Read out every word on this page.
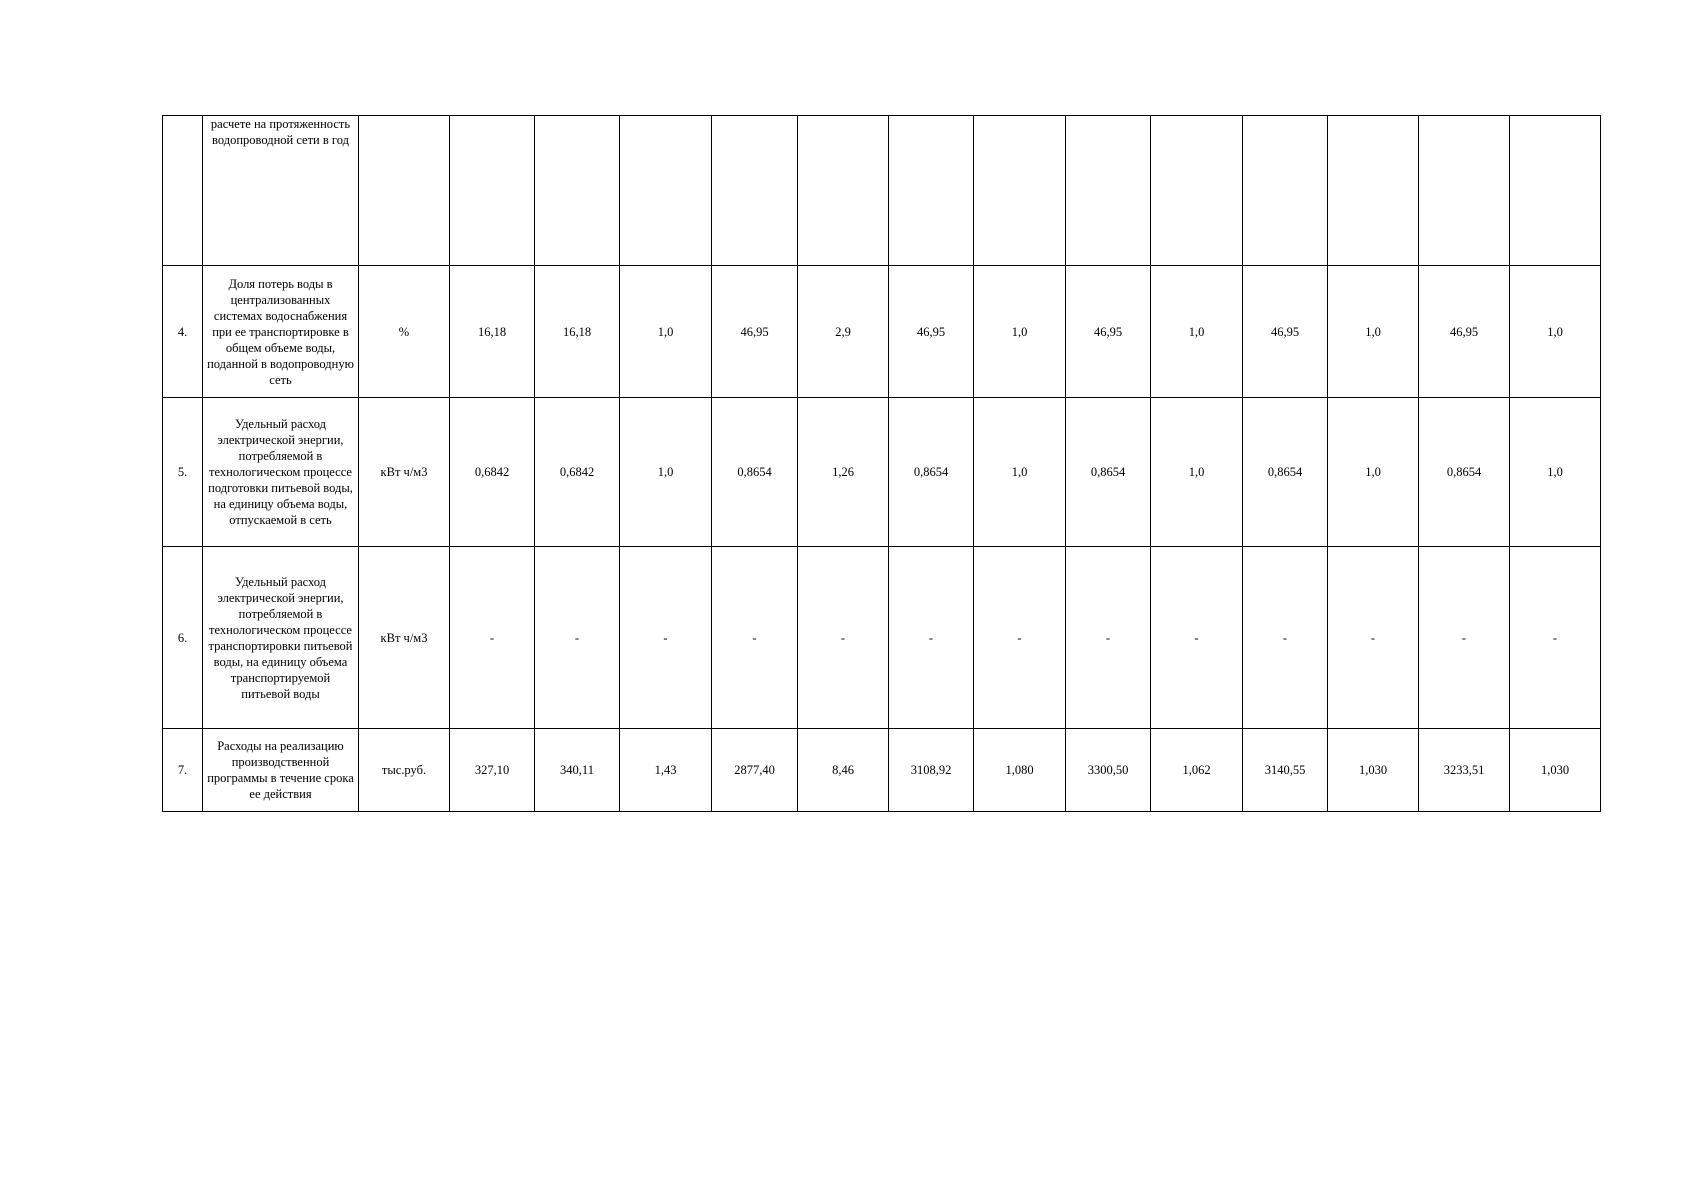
	расчете на протяженность водопроводной сети в год														

4.	Доля потерь воды в централизованных системах водоснабжения при ее транспортировке в общем объеме воды, поданной в водопроводную сеть	%	16,18	16,18	1,0	46,95	2,9	46,95	1,0	46,95	1,0	46,95	1,0	46,95	1,0
5.	Удельный расход электрической энергии, потребляемой в технологическом процессе подготовки питьевой воды, на единицу объема воды, отпускаемой в сеть	кВт ч/м3	0,6842	0,6842	1,0	0,8654	1,26	0,8654	1,0	0,8654	1,0	0,8654	1,0	0,8654	1,0
6.	Удельный расход электрической энергии, потребляемой в технологическом процессе транспортировки питьевой воды, на единицу объема транспортируемой питьевой воды	кВт ч/м3	-	-	-	-	-	-	-	-	-	-	-	-	-
7.	Расходы на реализацию производственной программы в течение срока ее действия	тыс.руб.	327,10	340,11	1,43	2877,40	8,46	3108,92	1,080	3300,50	1,062	3140,55	1,030	3233,51	1,030
